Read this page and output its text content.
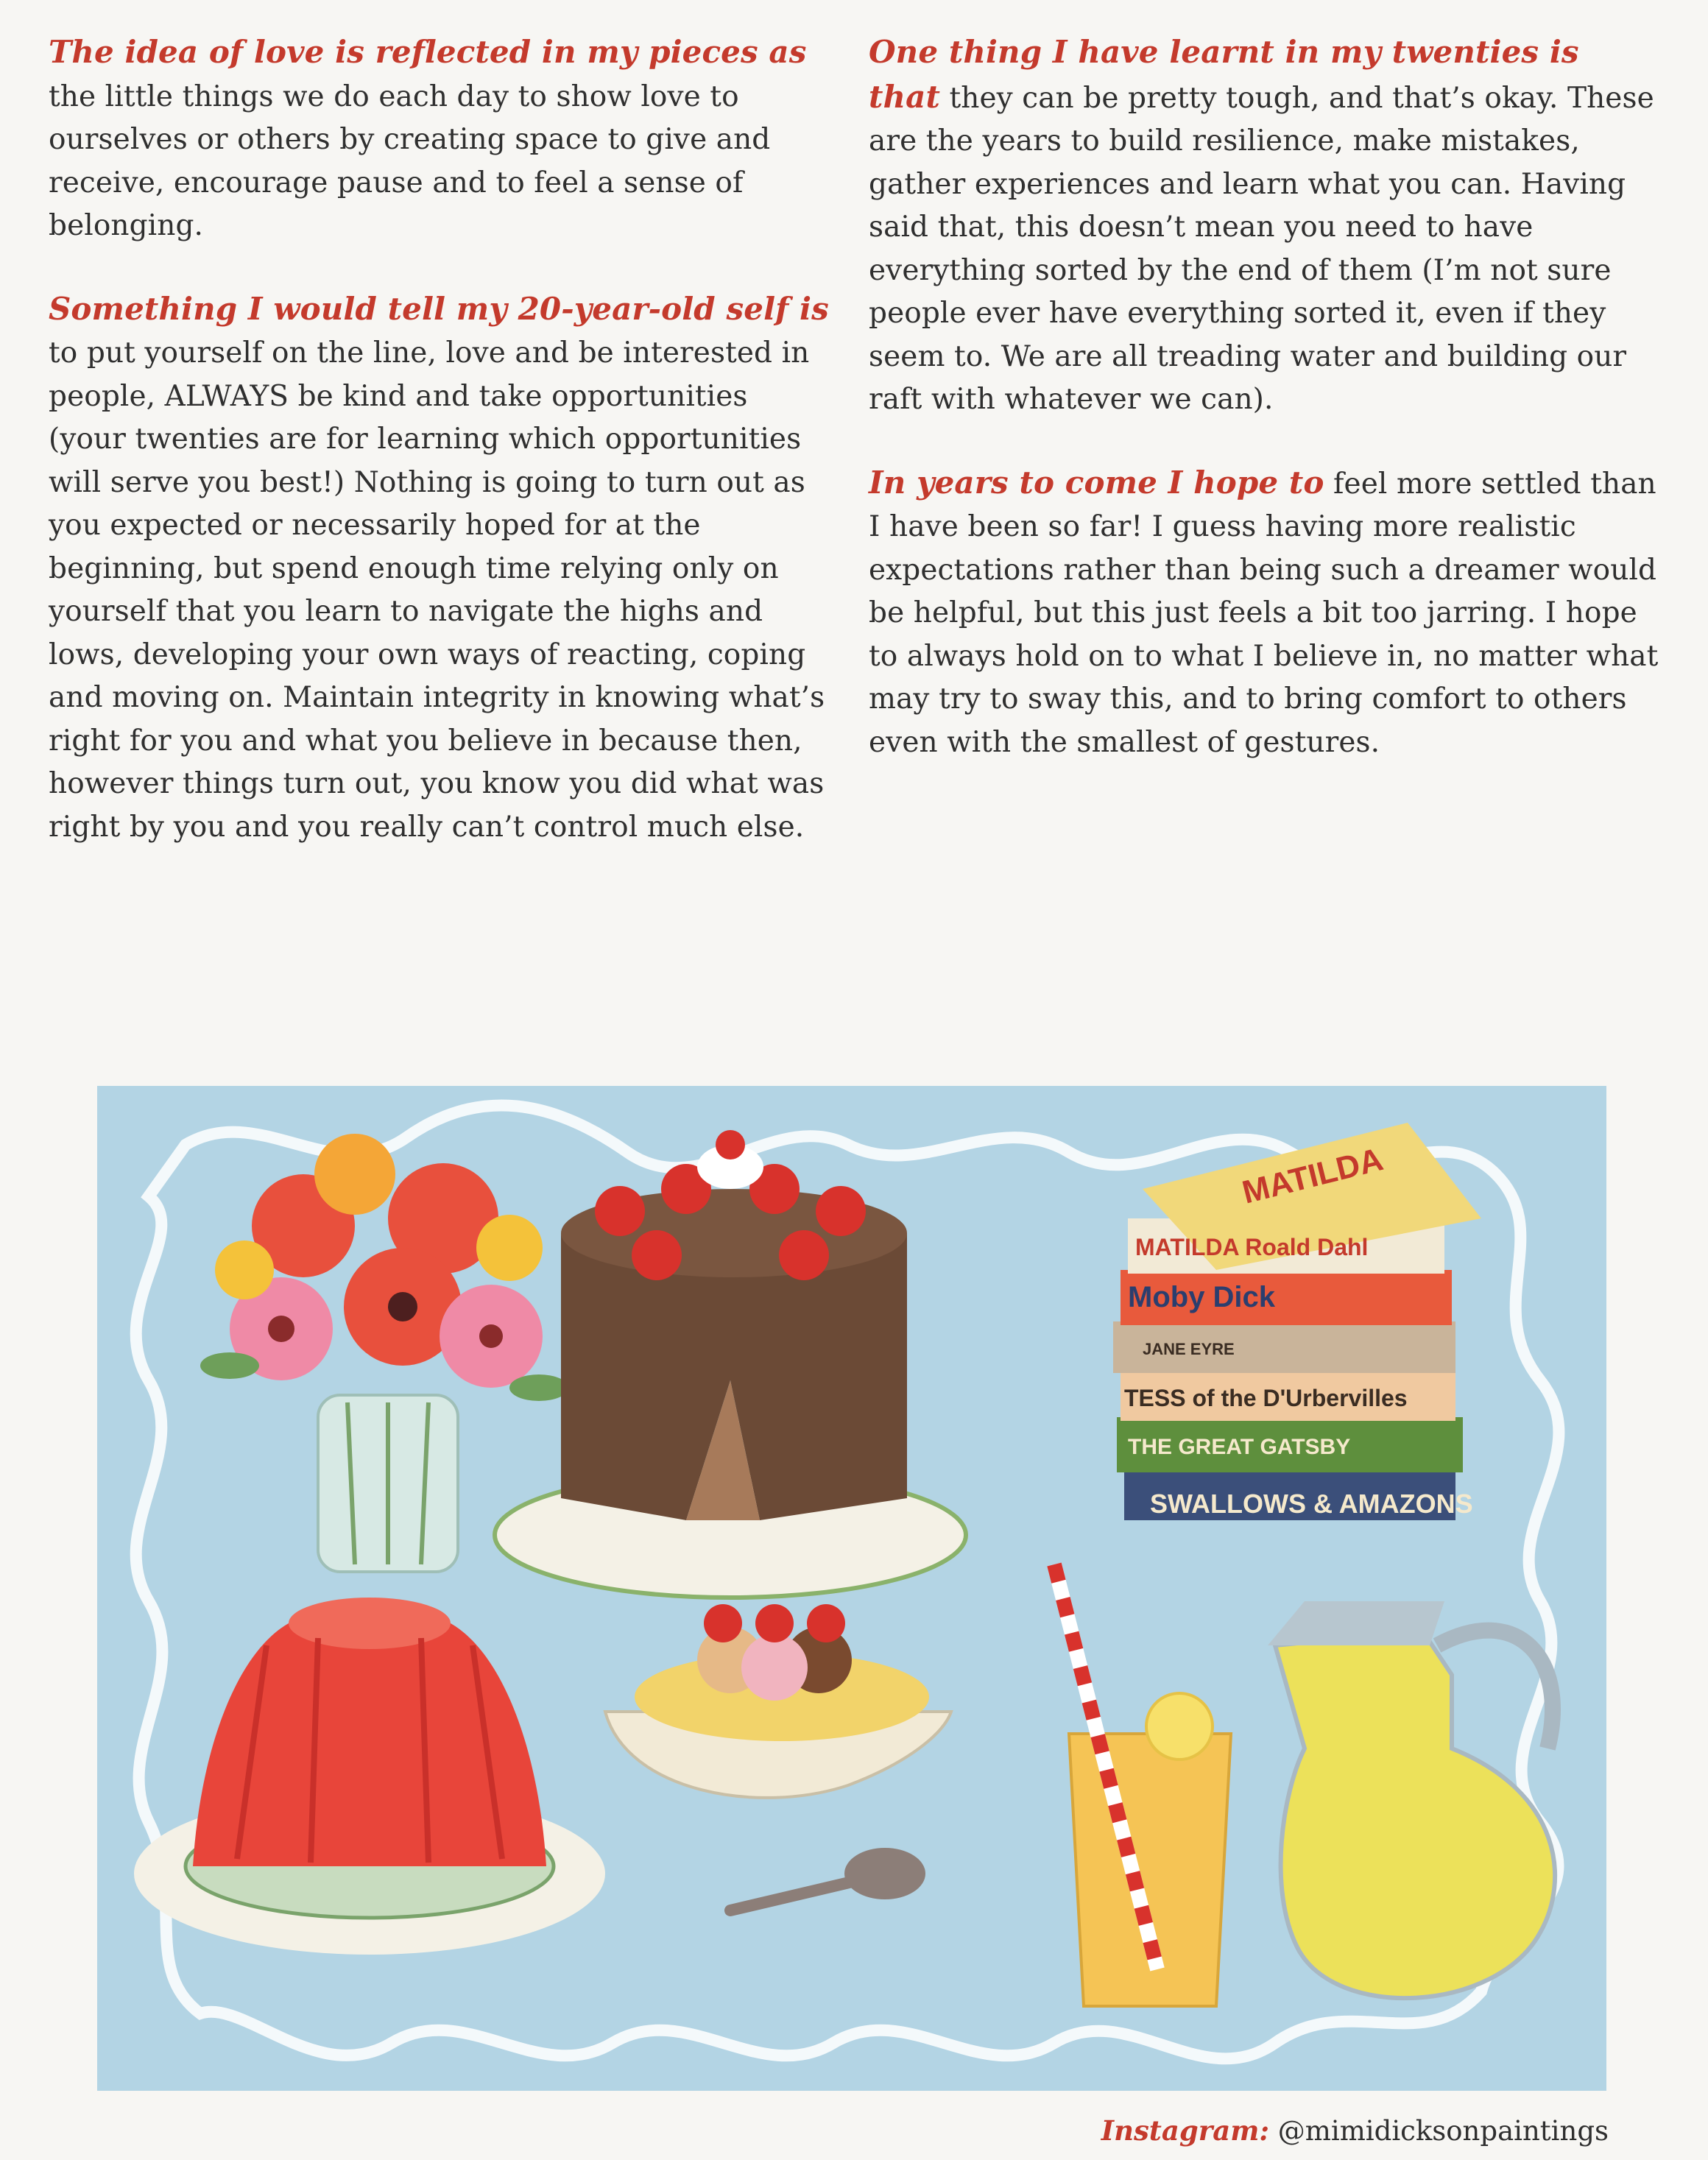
The idea of love is reflected in my pieces as the little things we do each day to show love to ourselves or others by creating space to give and receive, encourage pause and to feel a sense of belonging.

Something I would tell my 20-year-old self is to put yourself on the line, love and be interested in people, ALWAYS be kind and take opportunities (your twenties are for learning which opportunities will serve you best!) Nothing is going to turn out as you expected or necessarily hoped for at the beginning, but spend enough time relying only on yourself that you learn to navigate the highs and lows, developing your own ways of reacting, coping and moving on. Maintain integrity in knowing what’s right for you and what you believe in because then, however things turn out, you know you did what was right by you and you really can’t control much else.

One thing I have learnt in my twenties is that they can be pretty tough, and that’s okay. These are the years to build resilience, make mistakes, gather experiences and learn what you can. Having said that, this doesn’t mean you need to have everything sorted by the end of them (I’m not sure people ever have everything sorted it, even if they seem to. We are all treading water and building our raft with whatever we can).

In years to come I hope to feel more settled than I have been so far! I guess having more realistic expectations rather than being such a dreamer would be helpful, but this just feels a bit too jarring. I hope to always hold on to what I believe in, no matter what may try to sway this, and to bring comfort to others even with the smallest of gestures.

SWALLOWS & AMAZONS
THE GREAT GATSBY
TESS of the D'Urbervilles
JANE EYRE
Moby Dick
MATILDA Roald Dahl
MATILDA
Instagram: @mimidicksonpaintings
